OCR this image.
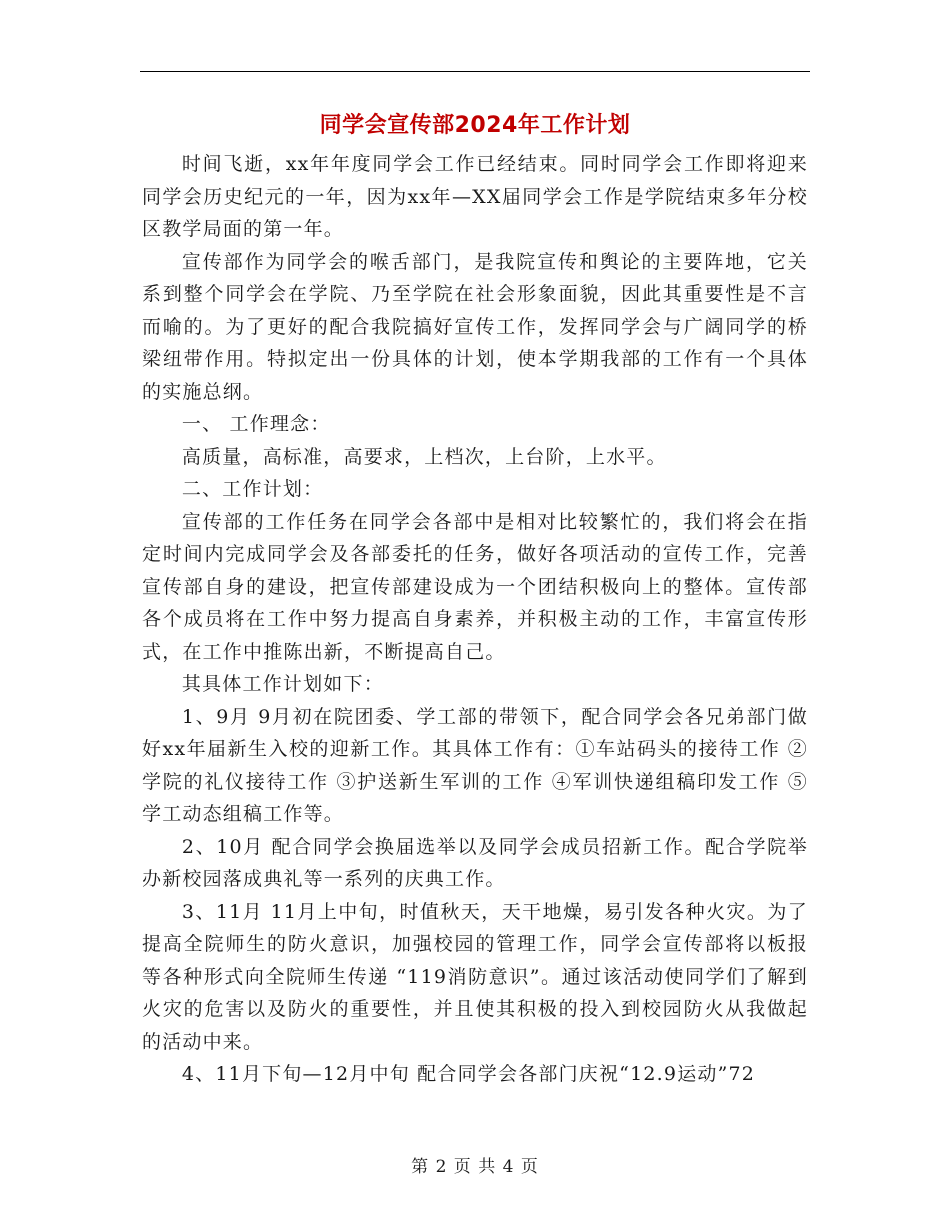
同学会宣传部2024年工作计划

时间飞逝，xx年年度同学会工作已经结束。同时同学会工作即将迎来同学会历史纪元的一年，因为xx年—XX届同学会工作是学院结束多年分校区教学局面的第一年。

宣传部作为同学会的喉舌部门，是我院宣传和舆论的主要阵地，它关系到整个同学会在学院、乃至学院在社会形象面貌，因此其重要性是不言而喻的。为了更好的配合我院搞好宣传工作，发挥同学会与广阔同学的桥梁纽带作用。特拟定出一份具体的计划，使本学期我部的工作有一个具体的实施总纲。

一、 工作理念：

高质量，高标准，高要求，上档次，上台阶，上水平。

二、工作计划：

宣传部的工作任务在同学会各部中是相对比较繁忙的，我们将会在指定时间内完成同学会及各部委托的任务，做好各项活动的宣传工作，完善宣传部自身的建设，把宣传部建设成为一个团结积极向上的整体。宣传部各个成员将在工作中努力提高自身素养，并积极主动的工作，丰富宣传形式，在工作中推陈出新，不断提高自己。

其具体工作计划如下：

1、9月 9月初在院团委、学工部的带领下，配合同学会各兄弟部门做好xx年届新生入校的迎新工作。其具体工作有：①车站码头的接待工作 ②学院的礼仪接待工作 ③护送新生军训的工作 ④军训快递组稿印发工作 ⑤学工动态组稿工作等。

2、10月 配合同学会换届选举以及同学会成员招新工作。配合学院举办新校园落成典礼等一系列的庆典工作。

3、11月 11月上中旬，时值秋天，天干地燥，易引发各种火灾。为了提高全院师生的防火意识，加强校园的管理工作，同学会宣传部将以板报等各种形式向全院师生传递 “119消防意识”。通过该活动使同学们了解到火灾的危害以及防火的重要性，并且使其积极的投入到校园防火从我做起的活动中来。

4、11月下旬—12月中旬 配合同学会各部门庆祝“12.9运动”72

第 2 页 共 4 页
